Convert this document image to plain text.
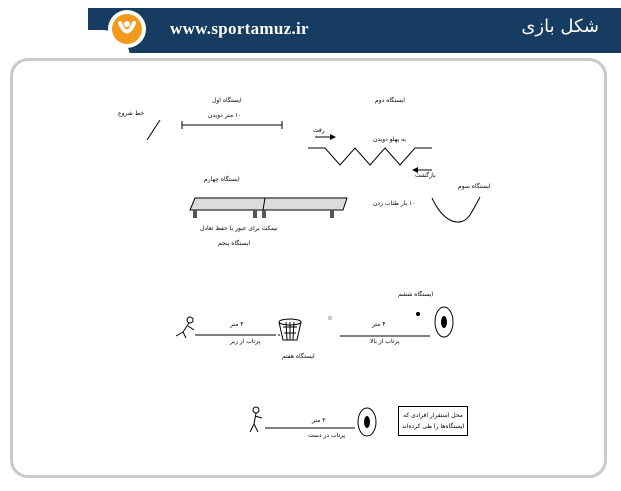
www.sportamuz.ir	شکل بازی
خط شروع
ایستگاه اول
۱۰ متر دویدن
ایستگاه دوم
به پهلو دویدن
رفت
بازگشت
ایستگاه سوم
۱۰ بار طناب زدن
ایستگاه چهارم
نیمکت برای عبور با حفظ تعادل
ایستگاه پنجم
ایستگاه ششم
۴ متر
پرتاب از بالا
۴ متر
پرتاب از زیر
ایستگاه هفتم
۳ متر
پرتاب در دست
محل استقرار افرادی که
ایستگاه‌ها را طی کرده‌اند
